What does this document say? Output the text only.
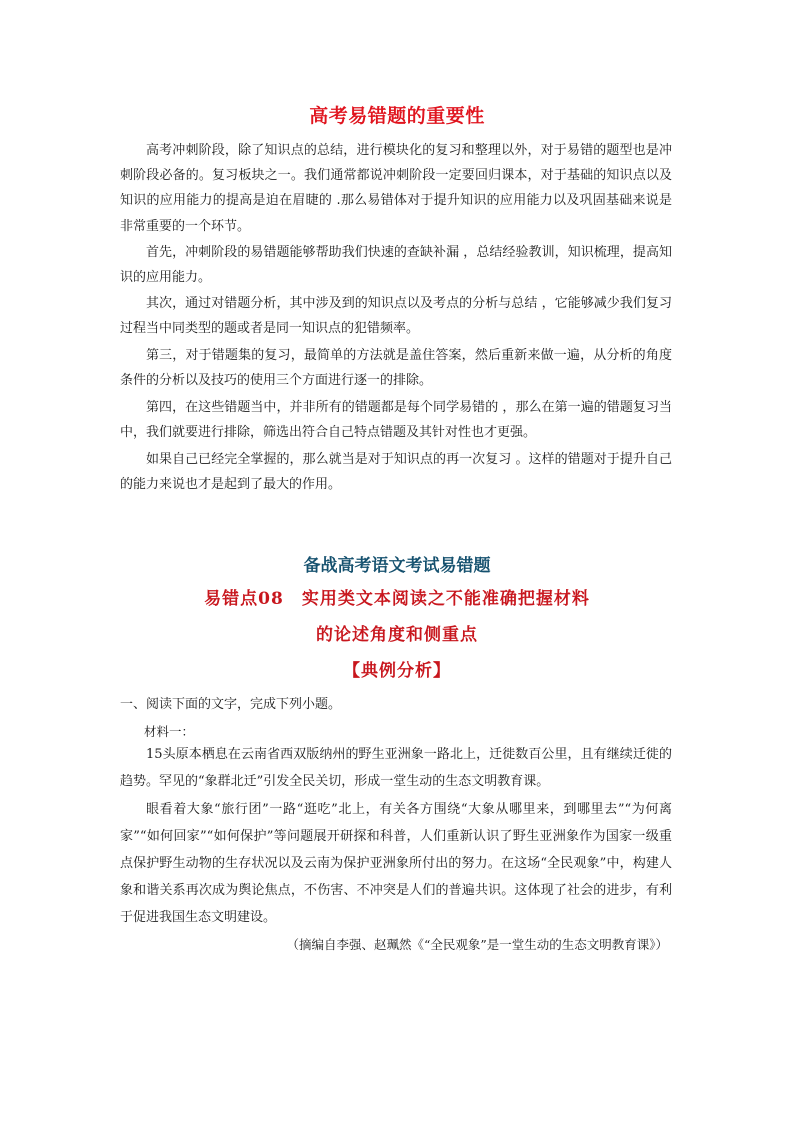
高考易错题的重要性

高考冲刺阶段，除了知识点的总结，进行模块化的复习和整理以外，对于易错的题型也是冲刺阶段必备的。复习板块之一。我们通常都说冲刺阶段一定要回归课本，对于基础的知识点以及知识的应用能力的提高是迫在眉睫的 .那么易错体对于提升知识的应用能力以及巩固基础来说是非常重要的一个环节。

首先，冲刺阶段的易错题能够帮助我们快速的查缺补漏 ，总结经验教训，知识梳理，提高知识的应用能力。

其次，通过对错题分析，其中涉及到的知识点以及考点的分析与总结 ，它能够减少我们复习过程当中同类型的题或者是同一知识点的犯错频率。

第三，对于错题集的复习，最简单的方法就是盖住答案，然后重新来做一遍，从分析的角度条件的分析以及技巧的使用三个方面进行逐一的排除。

第四，在这些错题当中，并非所有的错题都是每个同学易错的 ，那么在第一遍的错题复习当中，我们就要进行排除，筛选出符合自己特点错题及其针对性也才更强。

如果自己已经完全掌握的，那么就当是对于知识点的再一次复习 。这样的错题对于提升自己的能力来说也才是起到了最大的作用。

备战高考语文考试易错题
易错点08　实用类文本阅读之不能准确把握材料
的论述角度和侧重点
【典例分析】

一、阅读下面的文字，完成下列小题。

材料一：

15头原本栖息在云南省西双版纳州的野生亚洲象一路北上，迁徙数百公里，且有继续迁徙的趋势。罕见的“象群北迁”引发全民关切，形成一堂生动的生态文明教育课。

眼看着大象“旅行团”一路“逛吃”北上，有关各方围绕“大象从哪里来，到哪里去”“为何离家”“如何回家”“如何保护”等问题展开研探和科普，人们重新认识了野生亚洲象作为国家一级重点保护野生动物的生存状况以及云南为保护亚洲象所付出的努力。在这场“全民观象”中，构建人象和谐关系再次成为舆论焦点，不伤害、不冲突是人们的普遍共识。这体现了社会的进步，有利于促进我国生态文明建设。

（摘编自李强、赵珮然《“全民观象”是一堂生动的生态文明教育课》）
